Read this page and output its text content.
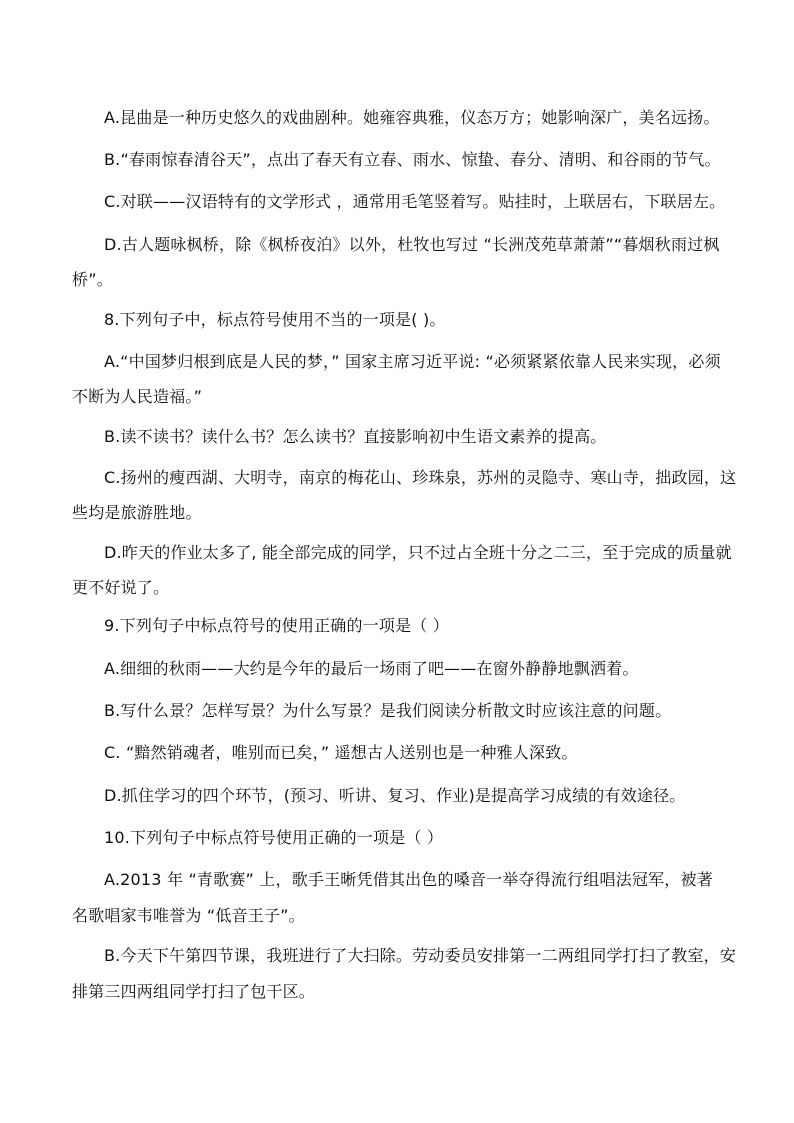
A.昆曲是一种历史悠久的戏曲剧种。她雍容典雅，仪态万方；她影响深广，美名远扬。
B.“春雨惊春清谷天”，点出了春天有立春、雨水、惊蛰、春分、清明、和谷雨的节气。
C.对联——汉语特有的文学形式 ，通常用毛笔竖着写。贴挂时，上联居右，下联居左。
D.古人题咏枫桥，除《枫桥夜泊》以外，杜牧也写过 “长洲茂苑草萧萧”“暮烟秋雨过枫
桥”。
8.下列句子中，标点符号使用不当的一项是( )。
A.“中国梦归根到底是人民的梦，” 国家主席习近平说: “必须紧紧依靠人民来实现，必须
不断为人民造福。”
B.读不读书？读什么书？怎么读书？直接影响初中生语文素养的提高。
C.扬州的瘦西湖、大明寺，南京的梅花山、珍珠泉，苏州的灵隐寺、寒山寺，拙政园，这
些均是旅游胜地。
D.昨天的作业太多了, 能全部完成的同学，只不过占全班十分之二三，至于完成的质量就
更不好说了。
9.下列句子中标点符号的使用正确的一项是（ ）
A.细细的秋雨——大约是今年的最后一场雨了吧——在窗外静静地飘洒着。
B.写什么景？怎样写景？为什么写景？是我们阅读分析散文时应该注意的问题。
C. “黯然销魂者，唯别而已矣，” 遥想古人送别也是一种雅人深致。
D.抓住学习的四个环节，(预习、听讲、复习、作业)是提高学习成绩的有效途径。
10.下列句子中标点符号使用正确的一项是（ ）
A.2013 年 “青歌赛” 上，歌手王晰凭借其出色的嗓音一举夺得流行组唱法冠军，被著
名歌唱家韦唯誉为 “低音王子”。
B.今天下午第四节课，我班进行了大扫除。劳动委员安排第一二两组同学打扫了教室，安
排第三四两组同学打扫了包干区。
